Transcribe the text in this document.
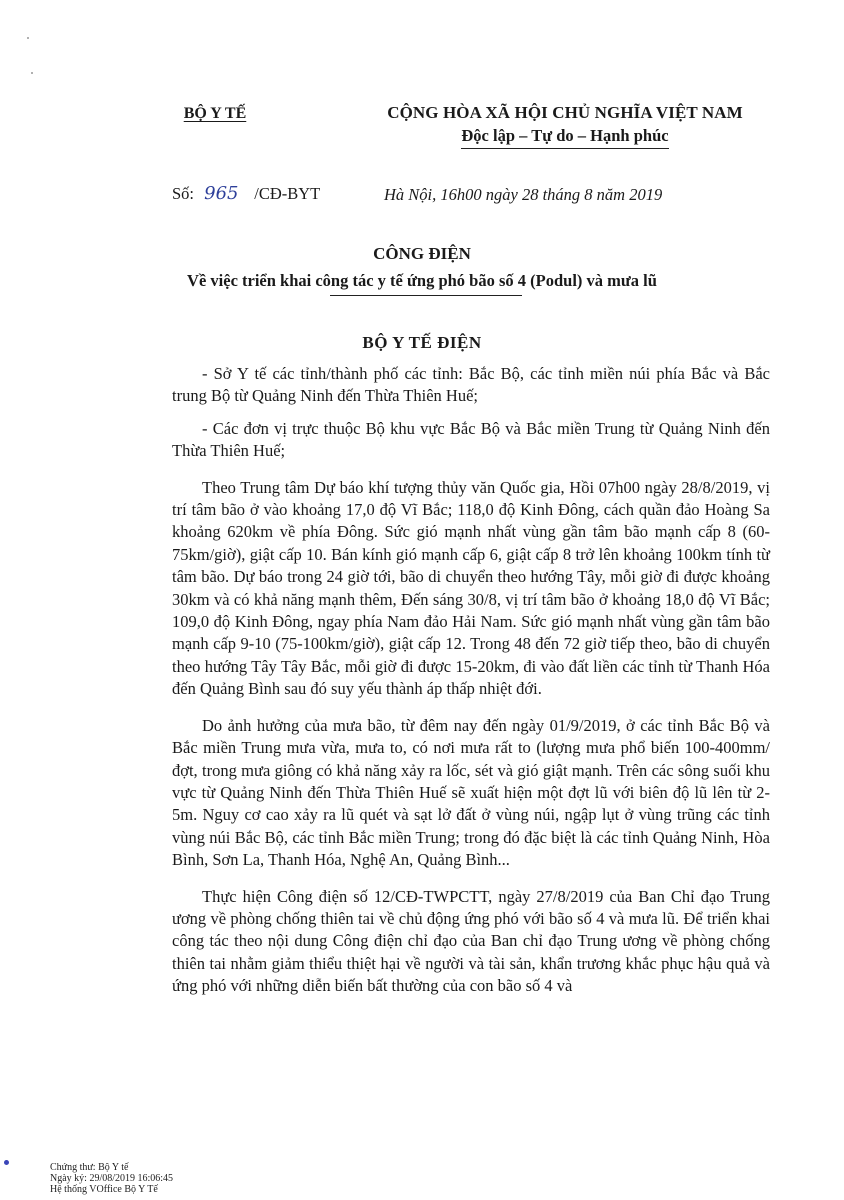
BỘ Y TẾ	CỘNG HÒA XÃ HỘI CHỦ NGHĨA VIỆT NAM
Độc lập – Tự do – Hạnh phúc
Số: 965 /CĐ-BYT	Hà Nội, 16h00 ngày 28 tháng 8 năm 2019
CÔNG ĐIỆN
Về việc triển khai công tác y tế ứng phó bão số 4 (Podul) và mưa lũ
BỘ Y TẾ ĐIỆN

- Sở Y tế các tỉnh/thành phố các tỉnh: Bắc Bộ, các tỉnh miền núi phía Bắc và Bắc trung Bộ từ Quảng Ninh đến Thừa Thiên Huế;

- Các đơn vị trực thuộc Bộ khu vực Bắc Bộ và Bắc miền Trung từ Quảng Ninh đến Thừa Thiên Huế;

Theo Trung tâm Dự báo khí tượng thủy văn Quốc gia, Hồi 07h00 ngày 28/8/2019, vị trí tâm bão ở vào khoảng 17,0 độ Vĩ Bắc; 118,0 độ Kinh Đông, cách quần đảo Hoàng Sa khoảng 620km về phía Đông. Sức gió mạnh nhất vùng gần tâm bão mạnh cấp 8 (60-75km/giờ), giật cấp 10. Bán kính gió mạnh cấp 6, giật cấp 8 trở lên khoảng 100km tính từ tâm bão. Dự báo trong 24 giờ tới, bão di chuyển theo hướng Tây, mỗi giờ đi được khoảng 30km và có khả năng mạnh thêm, Đến sáng 30/8, vị trí tâm bão ở khoảng 18,0 độ Vĩ Bắc; 109,0 độ Kinh Đông, ngay phía Nam đảo Hải Nam. Sức gió mạnh nhất vùng gần tâm bão mạnh cấp 9-10 (75-100km/giờ), giật cấp 12. Trong 48 đến 72 giờ tiếp theo, bão di chuyển theo hướng Tây Tây Bắc, mỗi giờ đi được 15-20km, đi vào đất liền các tỉnh từ Thanh Hóa đến Quảng Bình sau đó suy yếu thành áp thấp nhiệt đới.

Do ảnh hưởng của mưa bão, từ đêm nay đến ngày 01/9/2019, ở các tỉnh Bắc Bộ và Bắc miền Trung mưa vừa, mưa to, có nơi mưa rất to (lượng mưa phổ biến 100-400mm/đợt, trong mưa giông có khả năng xảy ra lốc, sét và gió giật mạnh. Trên các sông suối khu vực từ Quảng Ninh đến Thừa Thiên Huế sẽ xuất hiện một đợt lũ với biên độ lũ lên từ 2-5m. Nguy cơ cao xảy ra lũ quét và sạt lở đất ở vùng núi, ngập lụt ở vùng trũng các tỉnh vùng núi Bắc Bộ, các tỉnh Bắc miền Trung; trong đó đặc biệt là các tỉnh Quảng Ninh, Hòa Bình, Sơn La, Thanh Hóa, Nghệ An, Quảng Bình...

Thực hiện Công điện số 12/CĐ-TWPCTT, ngày 27/8/2019 của Ban Chỉ đạo Trung ương về phòng chống thiên tai về chủ động ứng phó với bão số 4 và mưa lũ. Để triển khai công tác theo nội dung Công điện chỉ đạo của Ban chỉ đạo Trung ương về phòng chống thiên tai nhằm giảm thiểu thiệt hại về người và tài sản, khẩn trương khắc phục hậu quả và ứng phó với những diễn biến bất thường của con bão số 4 và

Chứng thư: Bộ Y tế
Ngày ký: 29/08/2019 16:06:45
Hệ thống VOffice Bộ Y Tế
